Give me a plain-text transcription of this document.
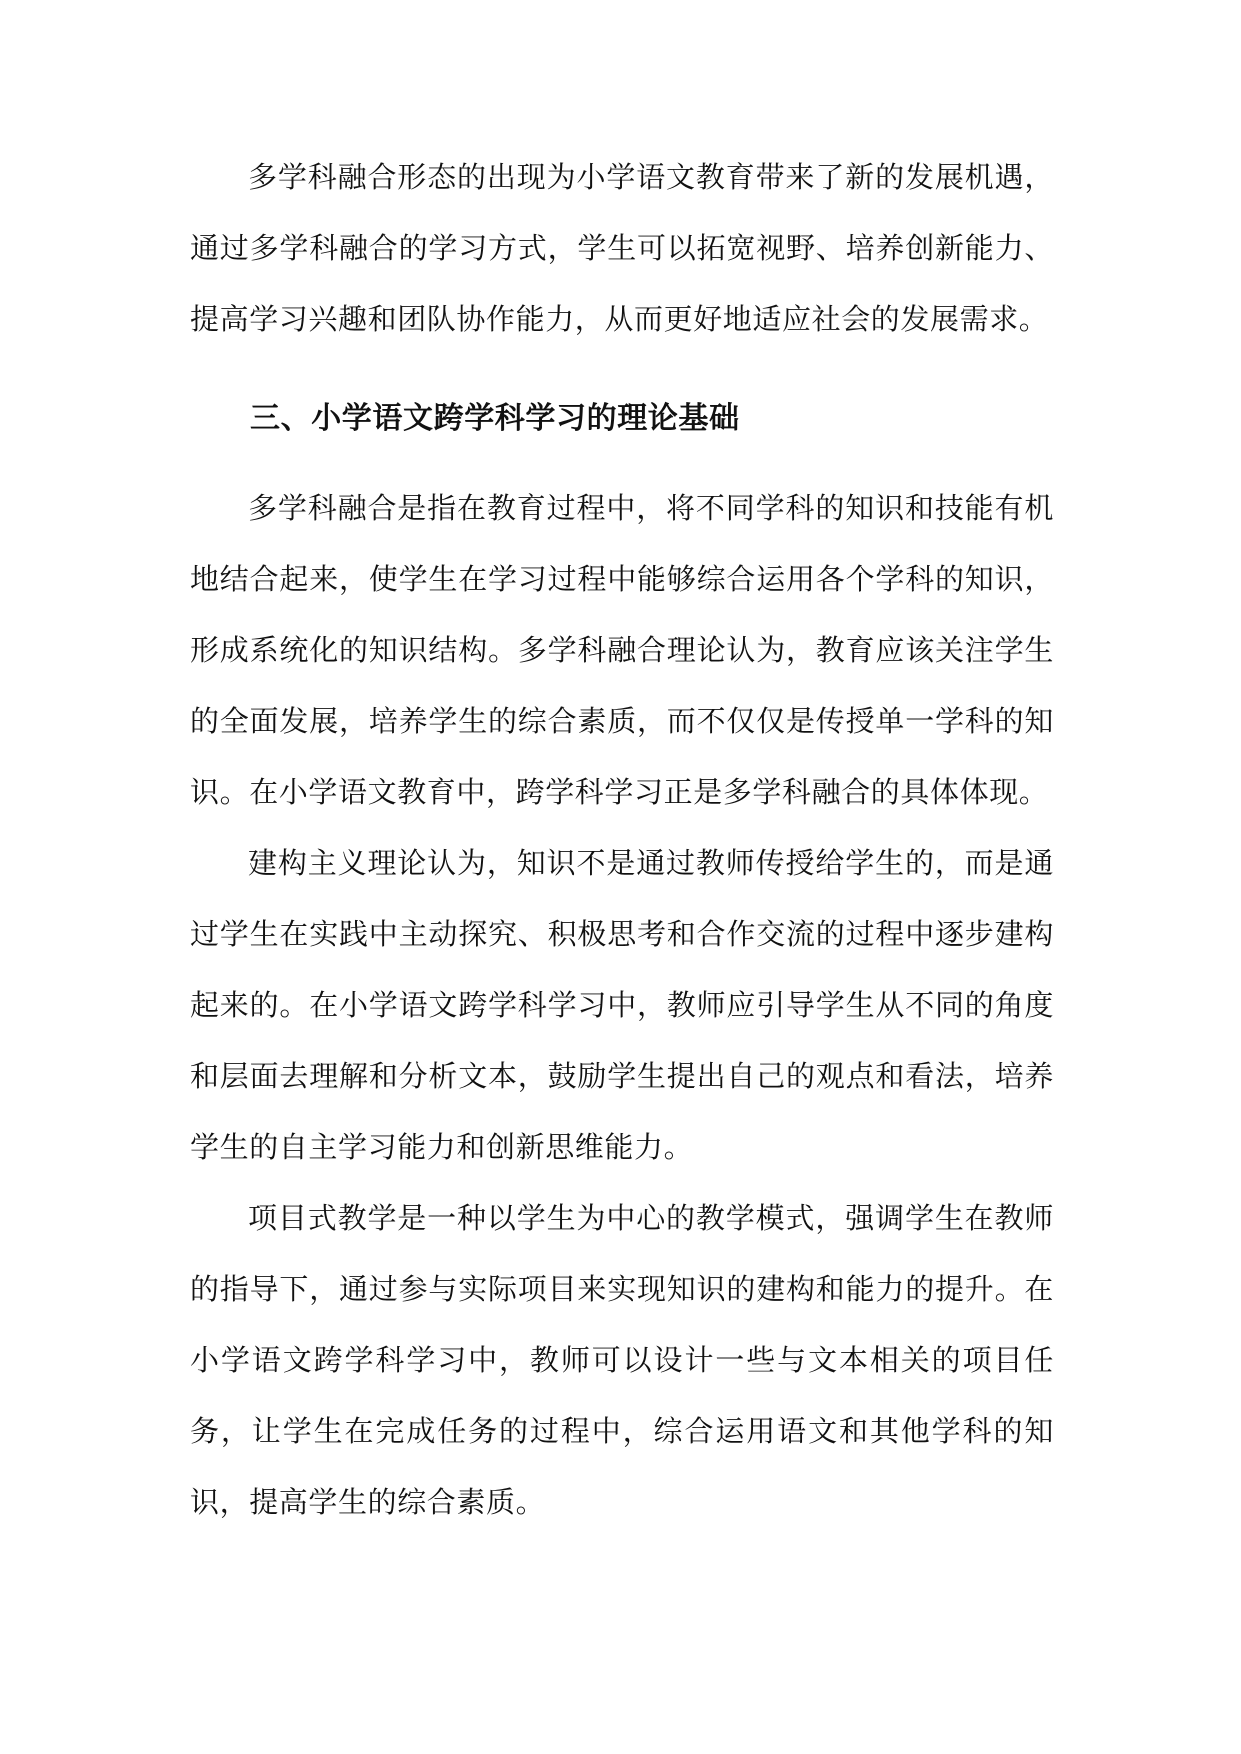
多学科融合形态的出现为小学语文教育带来了新的发展机遇，通过多学科融合的学习方式，学生可以拓宽视野、培养创新能力、提高学习兴趣和团队协作能力，从而更好地适应社会的发展需求。

三、小学语文跨学科学习的理论基础

多学科融合是指在教育过程中，将不同学科的知识和技能有机地结合起来，使学生在学习过程中能够综合运用各个学科的知识，形成系统化的知识结构。多学科融合理论认为，教育应该关注学生的全面发展，培养学生的综合素质，而不仅仅是传授单一学科的知识。在小学语文教育中，跨学科学习正是多学科融合的具体体现。

建构主义理论认为，知识不是通过教师传授给学生的，而是通过学生在实践中主动探究、积极思考和合作交流的过程中逐步建构起来的。在小学语文跨学科学习中，教师应引导学生从不同的角度和层面去理解和分析文本，鼓励学生提出自己的观点和看法，培养学生的自主学习能力和创新思维能力。

项目式教学是一种以学生为中心的教学模式，强调学生在教师的指导下，通过参与实际项目来实现知识的建构和能力的提升。在小学语文跨学科学习中，教师可以设计一些与文本相关的项目任务，让学生在完成任务的过程中，综合运用语文和其他学科的知识，提高学生的综合素质。
